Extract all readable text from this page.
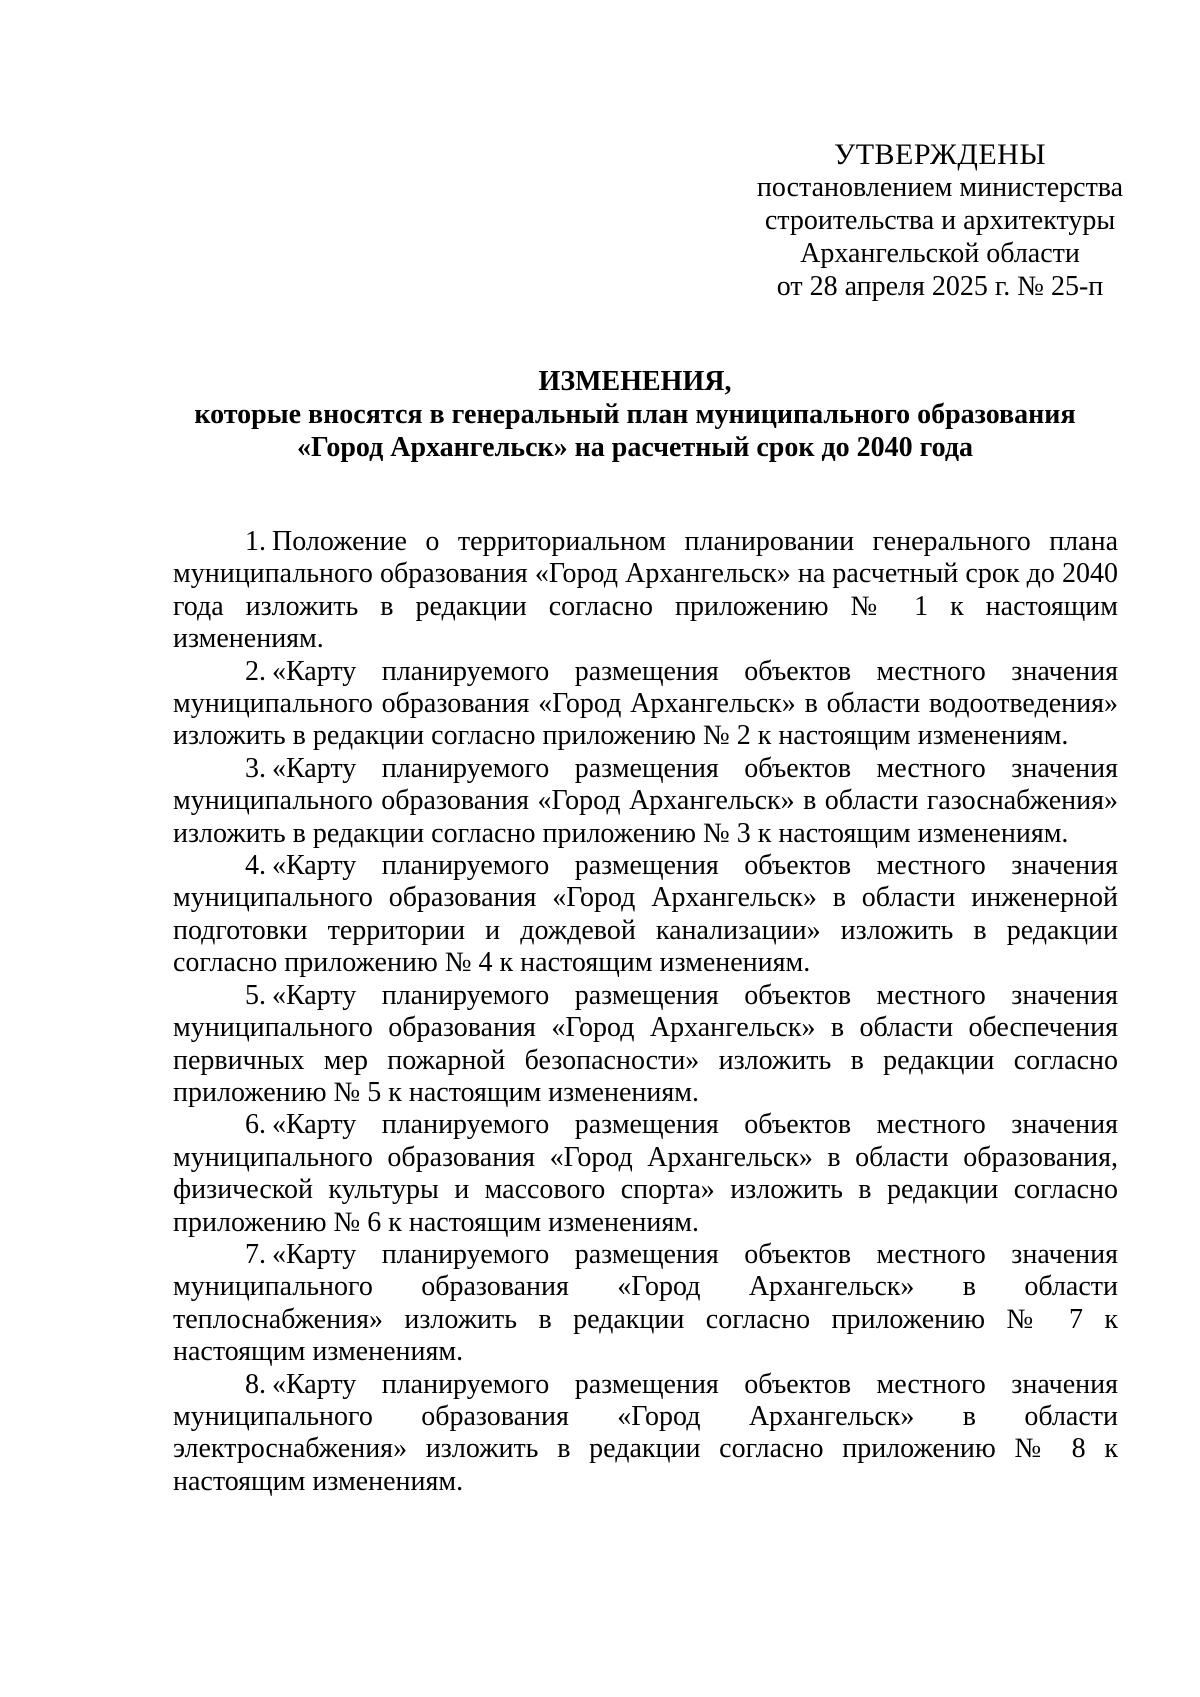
УТВЕРЖДЕНЫ
постановлением министерства
строительства и архитектуры
Архангельской области
от 28 апреля 2025 г. № 25-п
ИЗМЕНЕНИЯ,
которые вносятся в генеральный план муниципального образования
«Город Архангельск» на расчетный срок до 2040 года

1. Положение о территориальном планировании генерального плана муниципального образования «Город Архангельск» на расчетный срок до 2040 года изложить в редакции согласно приложению № 1 к настоящим изменениям.

2. «Карту планируемого размещения объектов местного значения муниципального образования «Город Архангельск» в области водоотведения» изложить в редакции согласно приложению № 2 к настоящим изменениям.

3. «Карту планируемого размещения объектов местного значения муниципального образования «Город Архангельск» в области газоснабжения» изложить в редакции согласно приложению № 3 к настоящим изменениям.

4. «Карту планируемого размещения объектов местного значения муниципального образования «Город Архангельск» в области инженерной подготовки территории и дождевой канализации» изложить в редакции согласно приложению № 4 к настоящим изменениям.

5. «Карту планируемого размещения объектов местного значения муниципального образования «Город Архангельск» в области обеспечения первичных мер пожарной безопасности» изложить в редакции согласно приложению № 5 к настоящим изменениям.

6. «Карту планируемого размещения объектов местного значения муниципального образования «Город Архангельск» в области образования, физической культуры и массового спорта» изложить в редакции согласно приложению № 6 к настоящим изменениям.

7. «Карту планируемого размещения объектов местного значения муниципального образования «Город Архангельск» в области теплоснабжения» изложить в редакции согласно приложению № 7 к настоящим изменениям.

8. «Карту планируемого размещения объектов местного значения муниципального образования «Город Архангельск» в области электроснабжения» изложить в редакции согласно приложению № 8 к настоящим изменениям.
